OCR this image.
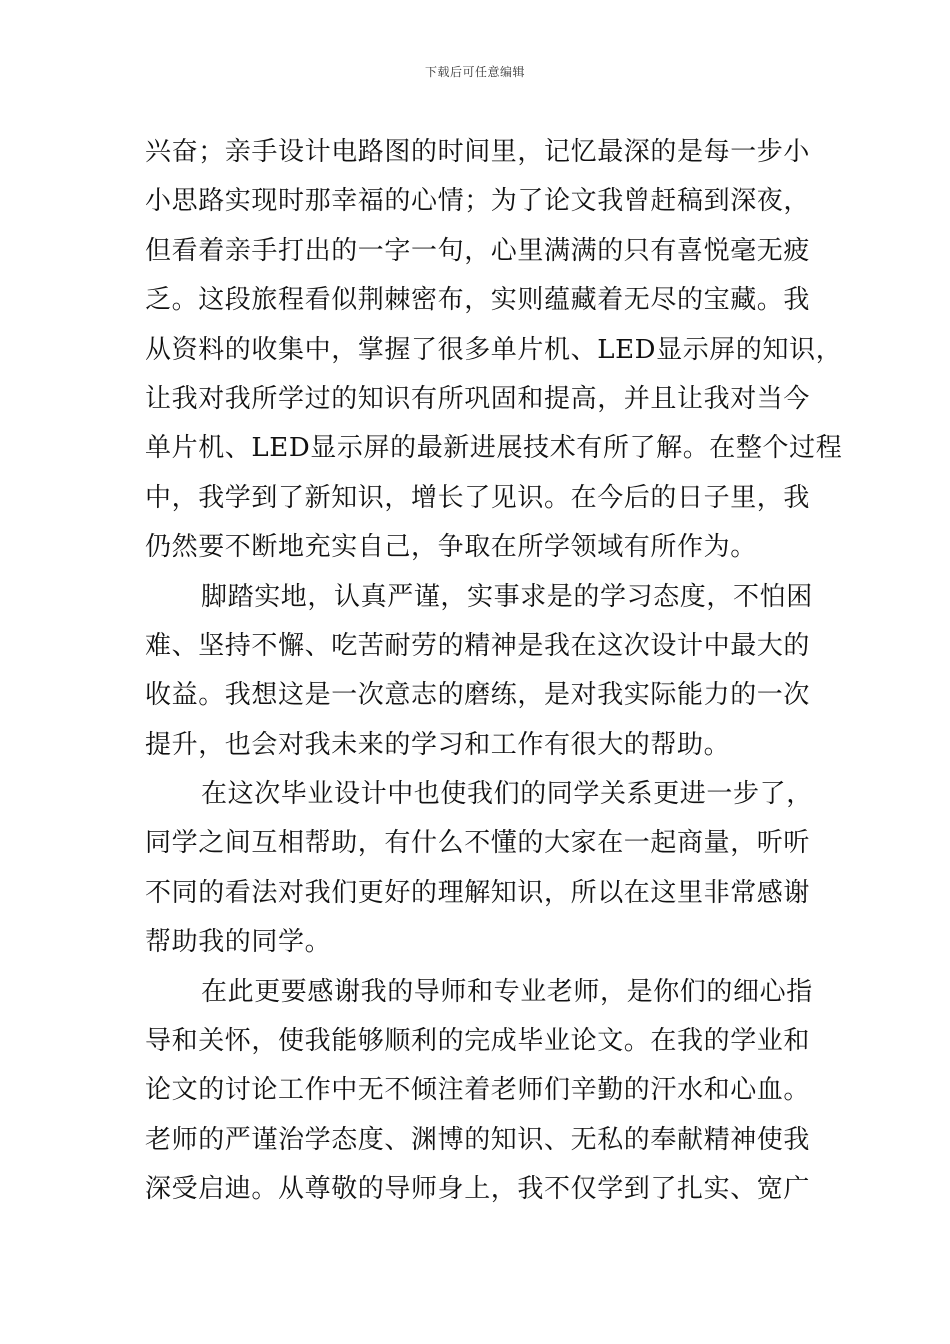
下载后可任意编辑
兴奋；亲手设计电路图的时间里，记忆最深的是每一步小
小思路实现时那幸福的心情；为了论文我曾赶稿到深夜，
但看着亲手打出的一字一句，心里满满的只有喜悦毫无疲
乏。这段旅程看似荆棘密布，实则蕴藏着无尽的宝藏。我
从资料的收集中，掌握了很多单片机、LED显示屏的知识，
让我对我所学过的知识有所巩固和提高，并且让我对当今
单片机、LED显示屏的最新进展技术有所了解。在整个过程
中，我学到了新知识，增长了见识。在今后的日子里，我
仍然要不断地充实自己，争取在所学领域有所作为。
脚踏实地，认真严谨，实事求是的学习态度，不怕困
难、坚持不懈、吃苦耐劳的精神是我在这次设计中最大的
收益。我想这是一次意志的磨练，是对我实际能力的一次
提升，也会对我未来的学习和工作有很大的帮助。
在这次毕业设计中也使我们的同学关系更进一步了，
同学之间互相帮助，有什么不懂的大家在一起商量，听听
不同的看法对我们更好的理解知识，所以在这里非常感谢
帮助我的同学。
在此更要感谢我的导师和专业老师，是你们的细心指
导和关怀，使我能够顺利的完成毕业论文。在我的学业和
论文的讨论工作中无不倾注着老师们辛勤的汗水和心血。
老师的严谨治学态度、渊博的知识、无私的奉献精神使我
深受启迪。从尊敬的导师身上，我不仅学到了扎实、宽广
